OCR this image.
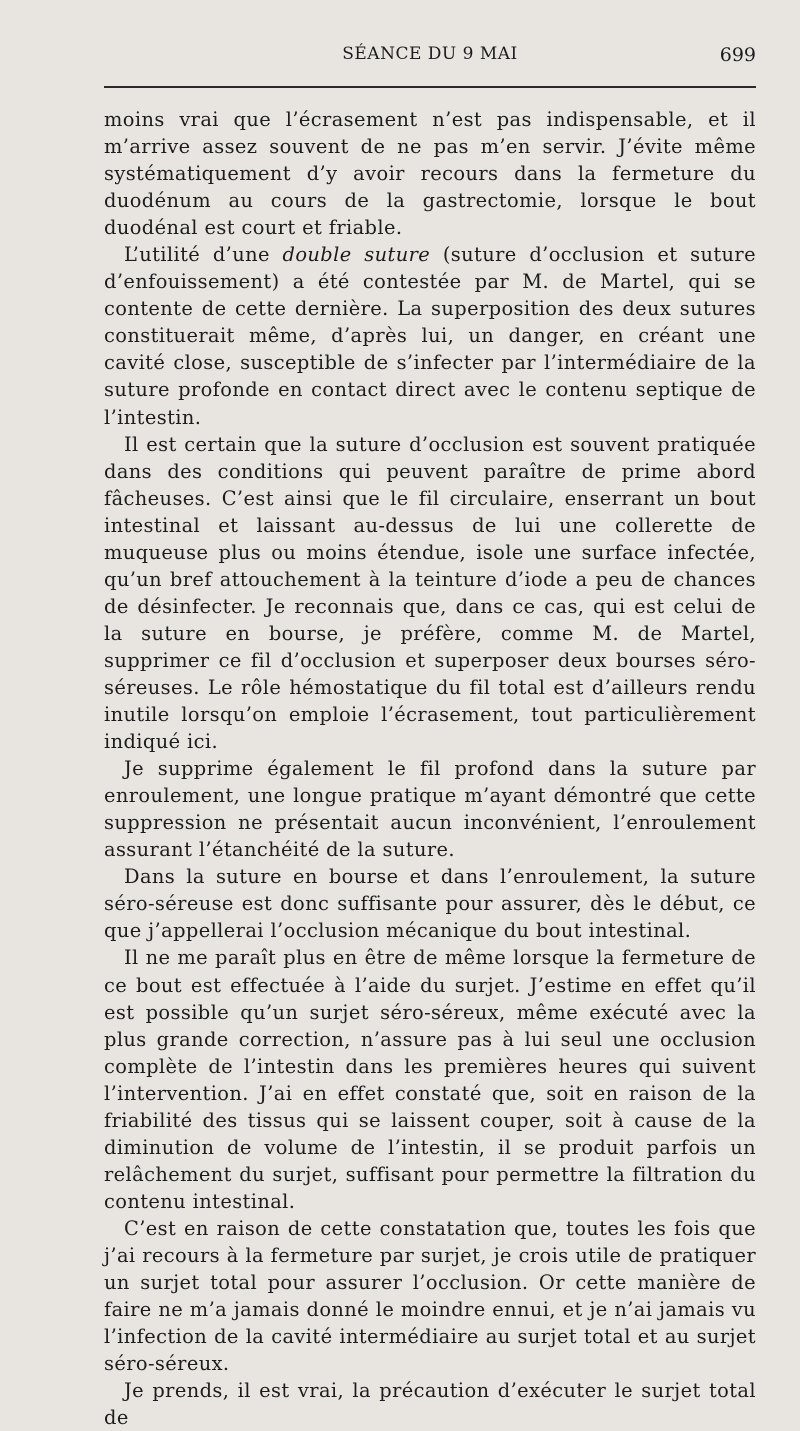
SÉANCE DU 9 MAI	699

moins vrai que l’écrasement n’est pas indispensable, et il m’arrive assez souvent de ne pas m’en servir. J’évite même systématiquement d’y avoir recours dans la fermeture du duodénum au cours de la gastrectomie, lorsque le bout duodénal est court et friable.

L’utilité d’une double suture (suture d’occlusion et suture d’enfouissement) a été contestée par M. de Martel, qui se contente de cette dernière. La superposition des deux sutures constituerait même, d’après lui, un danger, en créant une cavité close, susceptible de s’infecter par l’intermédiaire de la suture profonde en contact direct avec le contenu septique de l’intestin.

Il est certain que la suture d’occlusion est souvent pratiquée dans des conditions qui peuvent paraître de prime abord fâcheuses. C’est ainsi que le fil circulaire, enserrant un bout intestinal et laissant au-dessus de lui une collerette de muqueuse plus ou moins étendue, isole une surface infectée, qu’un bref attouchement à la teinture d’iode a peu de chances de désinfecter. Je reconnais que, dans ce cas, qui est celui de la suture en bourse, je préfère, comme M. de Martel, supprimer ce fil d’occlusion et superposer deux bourses séro-séreuses. Le rôle hémostatique du fil total est d’ailleurs rendu inutile lorsqu’on emploie l’écrasement, tout particulièrement indiqué ici.

Je supprime également le fil profond dans la suture par enroulement, une longue pratique m’ayant démontré que cette suppression ne présentait aucun inconvénient, l’enroulement assurant l’étanchéité de la suture.

Dans la suture en bourse et dans l’enroulement, la suture séro-séreuse est donc suffisante pour assurer, dès le début, ce que j’appellerai l’occlusion mécanique du bout intestinal.

Il ne me paraît plus en être de même lorsque la fermeture de ce bout est effectuée à l’aide du surjet. J’estime en effet qu’il est possible qu’un surjet séro-séreux, même exécuté avec la plus grande correction, n’assure pas à lui seul une occlusion complète de l’intestin dans les premières heures qui suivent l’intervention. J’ai en effet constaté que, soit en raison de la friabilité des tissus qui se laissent couper, soit à cause de la diminution de volume de l’intestin, il se produit parfois un relâchement du surjet, suffisant pour permettre la filtration du contenu intestinal.

C’est en raison de cette constatation que, toutes les fois que j’ai recours à la fermeture par surjet, je crois utile de pratiquer un surjet total pour assurer l’occlusion. Or cette manière de faire ne m’a jamais donné le moindre ennui, et je n’ai jamais vu l’infection de la cavité intermédiaire au surjet total et au surjet séro-séreux.

Je prends, il est vrai, la précaution d’exécuter le surjet total de
